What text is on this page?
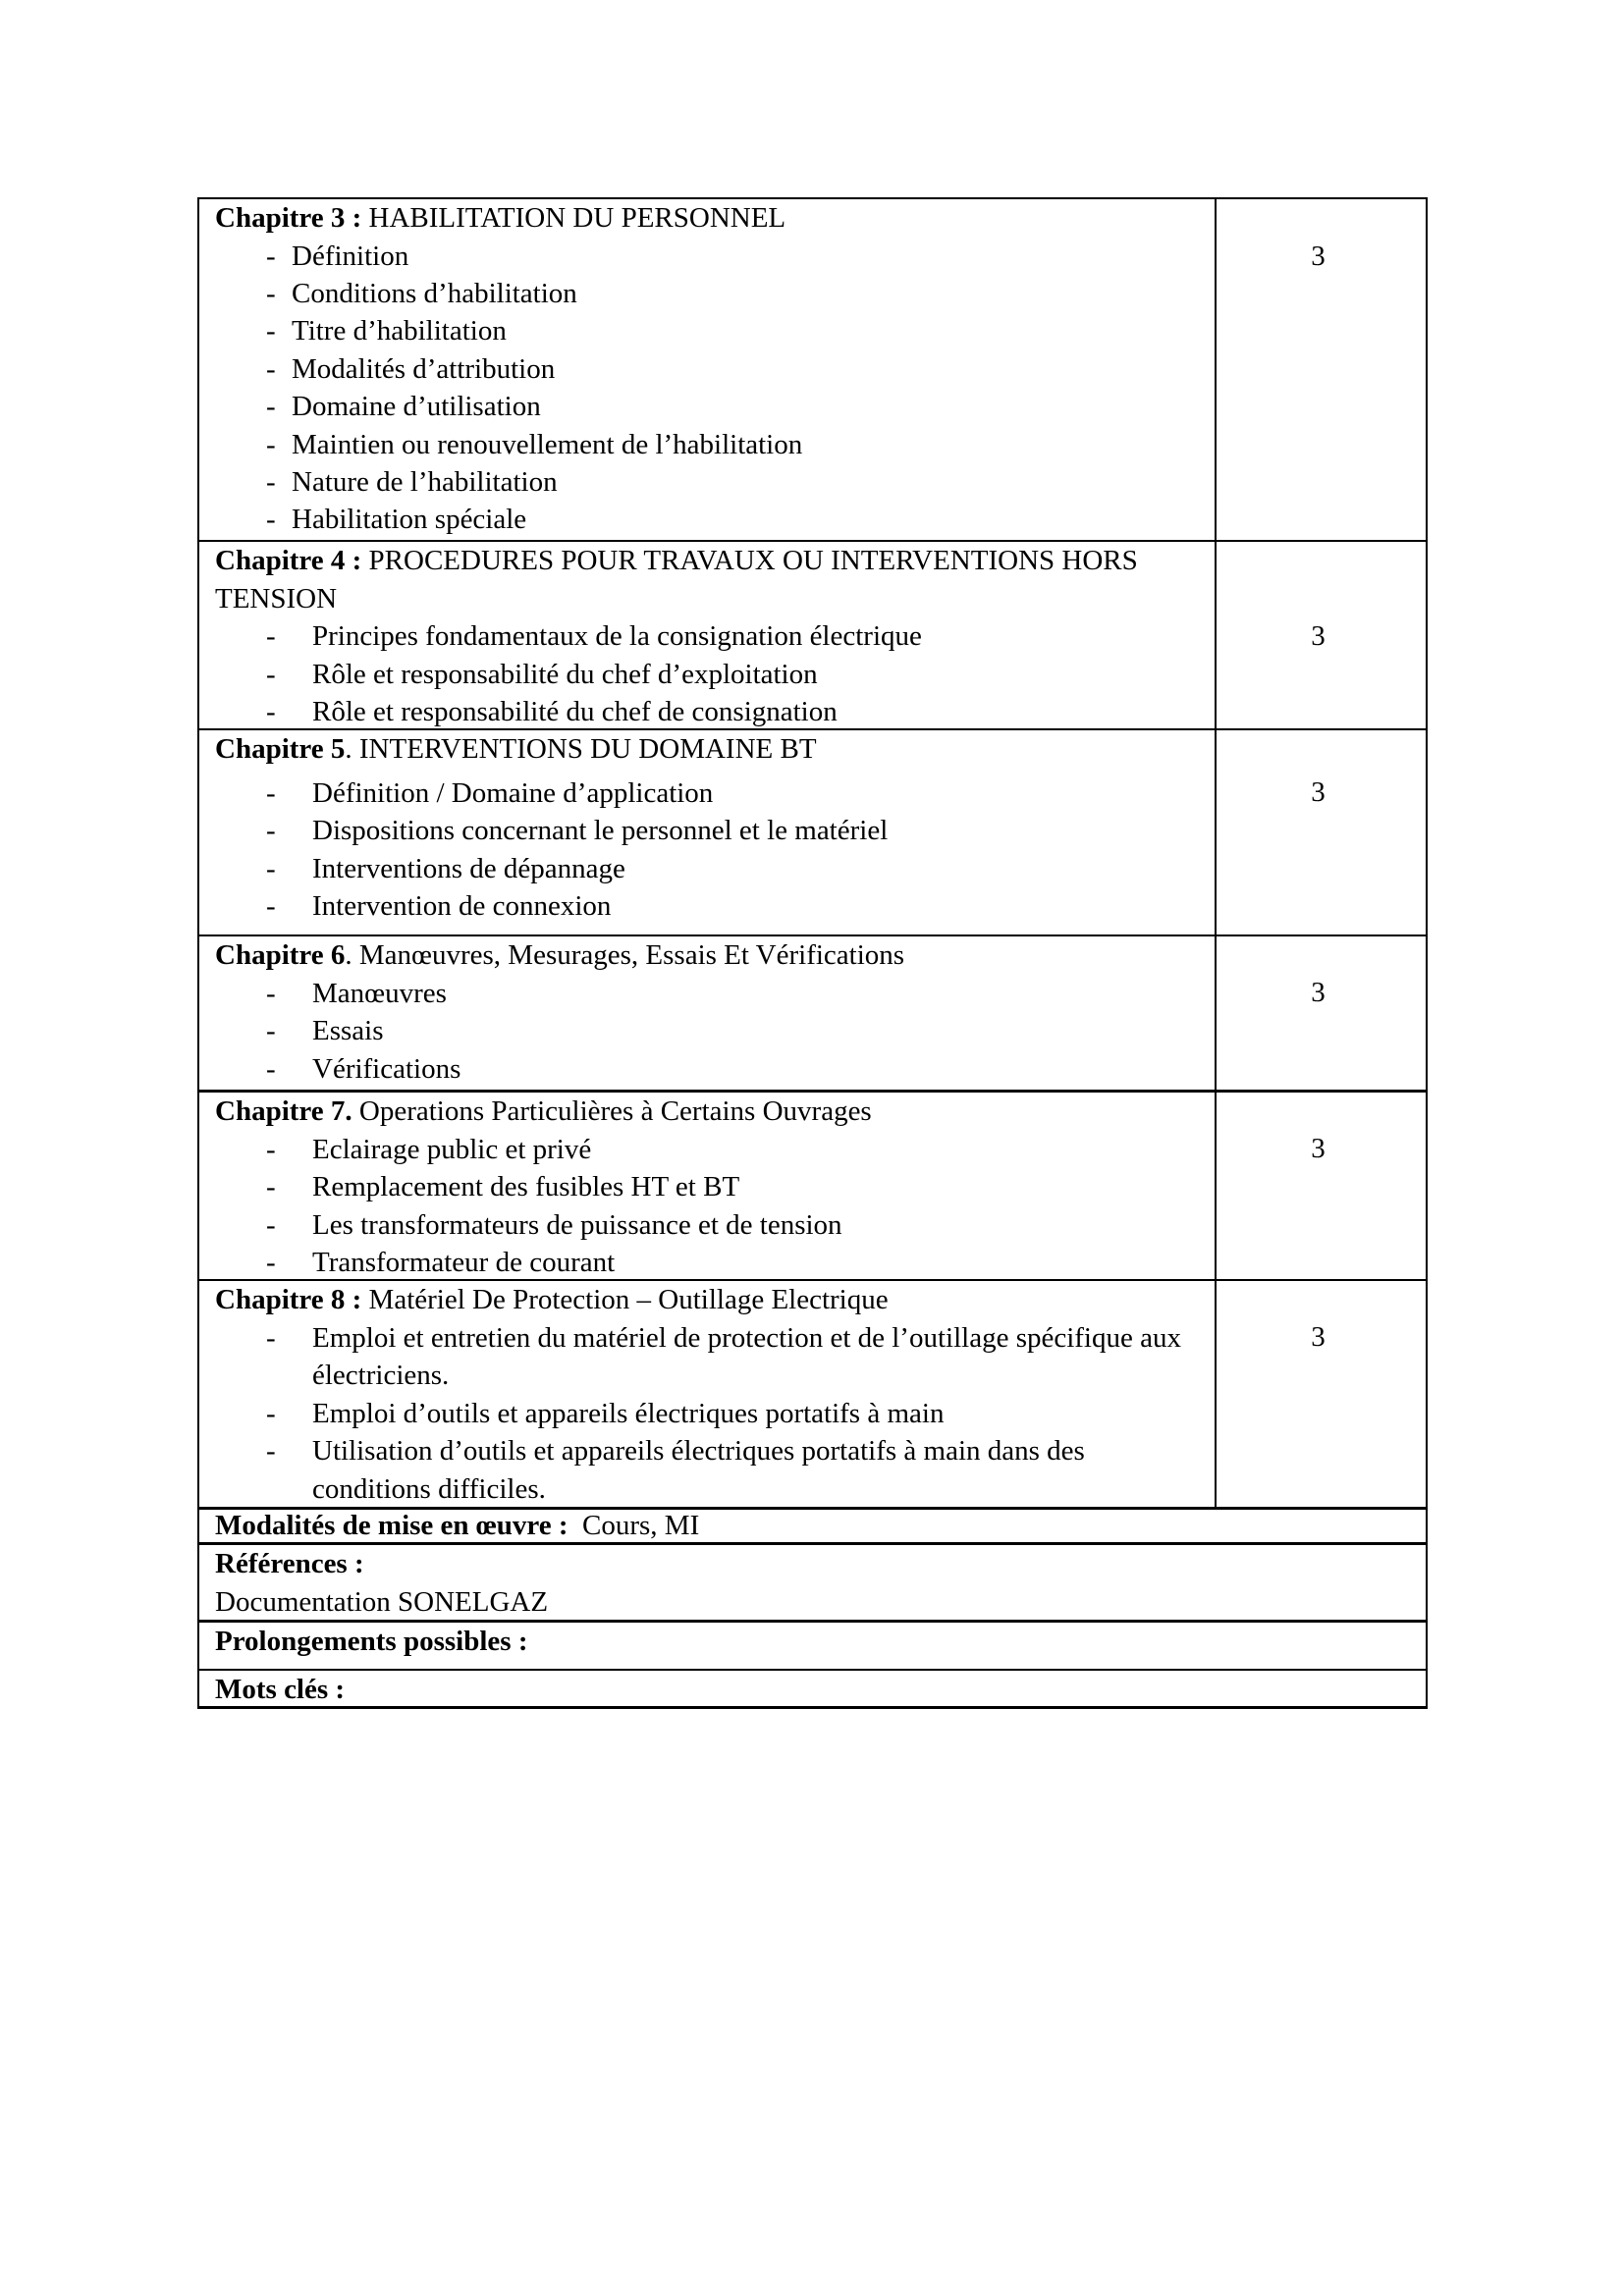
Chapitre 3 : HABILITATION DU PERSONNEL
- Définition
- Conditions d’habilitation
- Titre d’habilitation
- Modalités d’attribution
- Domaine d’utilisation
- Maintien ou renouvellement de l’habilitation
- Nature de l’habilitation
- Habilitation spéciale
3
Chapitre 4 : PROCEDURES POUR TRAVAUX OU INTERVENTIONS HORS TENSION
- Principes fondamentaux de la consignation électrique
- Rôle et responsabilité du chef d’exploitation
- Rôle et responsabilité du chef de consignation
3
Chapitre 5. INTERVENTIONS DU DOMAINE BT
- Définition / Domaine d’application
- Dispositions concernant le personnel et le matériel
- Interventions de dépannage
- Intervention de connexion
3
Chapitre 6. Manœuvres, Mesurages, Essais Et Vérifications
- Manœuvres
- Essais
- Vérifications
3
Chapitre 7. Operations Particulières à Certains Ouvrages
- Eclairage public et privé
- Remplacement des fusibles HT et BT
- Les transformateurs de puissance et de tension
- Transformateur de courant
3
Chapitre 8 : Matériel De Protection – Outillage Electrique
- Emploi et entretien du matériel de protection et de l’outillage spécifique aux électriciens.
- Emploi d’outils et appareils électriques portatifs à main
- Utilisation d’outils et appareils électriques portatifs à main dans des conditions difficiles.
3
Modalités de mise en œuvre :  Cours, MI
Références :
Documentation SONELGAZ
Prolongements possibles :
Mots clés :
